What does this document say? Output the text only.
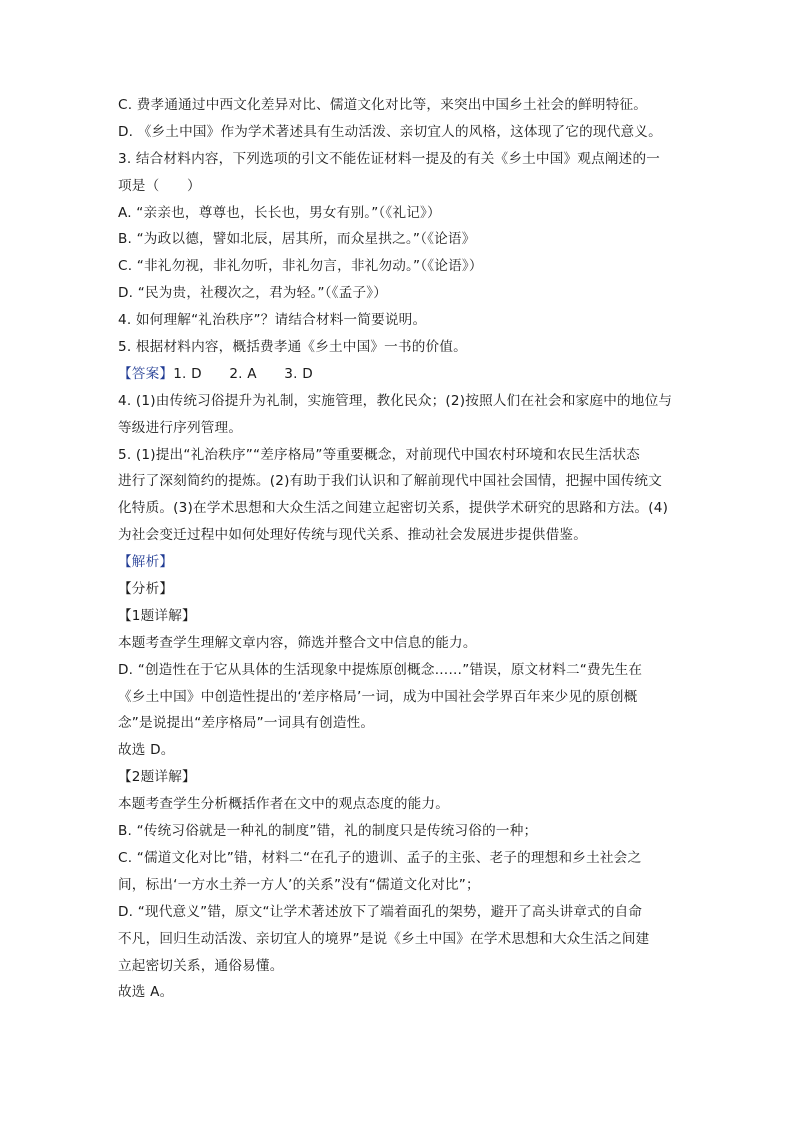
C. 费孝通通过中西文化差异对比、儒道文化对比等，来突出中国乡土社会的鲜明特征。
D. 《乡土中国》作为学术著述具有生动活泼、亲切宜人的风格，这体现了它的现代意义。
3. 结合材料内容，下列选项的引文不能佐证材料一提及的有关《乡土中国》观点阐述的一
项是（　　）
A. “亲亲也，尊尊也，长长也，男女有别。”（《礼记》）
B. “为政以德，譬如北辰，居其所，而众星拱之。”（《论语》
C. “非礼勿视，非礼勿听，非礼勿言，非礼勿动。”（《论语》）
D. “民为贵，社稷次之，君为轻。”（《孟子》）
4. 如何理解“礼治秩序”？请结合材料一简要说明。
5. 根据材料内容，概括费孝通《乡土中国》一书的价值。
【答案】1. D　　2. A　　3. D
4. (1)由传统习俗提升为礼制，实施管理，教化民众；(2)按照人们在社会和家庭中的地位与
等级进行序列管理。
5. (1)提出“礼治秩序”“差序格局”等重要概念，对前现代中国农村环境和农民生活状态
进行了深刻简约的提炼。(2)有助于我们认识和了解前现代中国社会国情，把握中国传统文
化特质。(3)在学术思想和大众生活之间建立起密切关系，提供学术研究的思路和方法。(4)
为社会变迁过程中如何处理好传统与现代关系、推动社会发展进步提供借鉴。
【解析】
【分析】
【1题详解】
本题考查学生理解文章内容，筛选并整合文中信息的能力。
D. “创造性在于它从具体的生活现象中提炼原创概念……”错误，原文材料二“费先生在
《乡土中国》中创造性提出的‘差序格局’一词，成为中国社会学界百年来少见的原创概
念”是说提出“差序格局”一词具有创造性。
故选 D。
【2题详解】
本题考查学生分析概括作者在文中的观点态度的能力。
B. “传统习俗就是一种礼的制度”错，礼的制度只是传统习俗的一种；
C. “儒道文化对比”错，材料二“在孔子的遗训、孟子的主张、老子的理想和乡土社会之
间，标出‘一方水土养一方人’的关系”没有“儒道文化对比”；
D. “现代意义”错，原文“让学术著述放下了端着面孔的架势，避开了高头讲章式的自命
不凡，回归生动活泼、亲切宜人的境界”是说《乡土中国》在学术思想和大众生活之间建
立起密切关系，通俗易懂。
故选 A。
